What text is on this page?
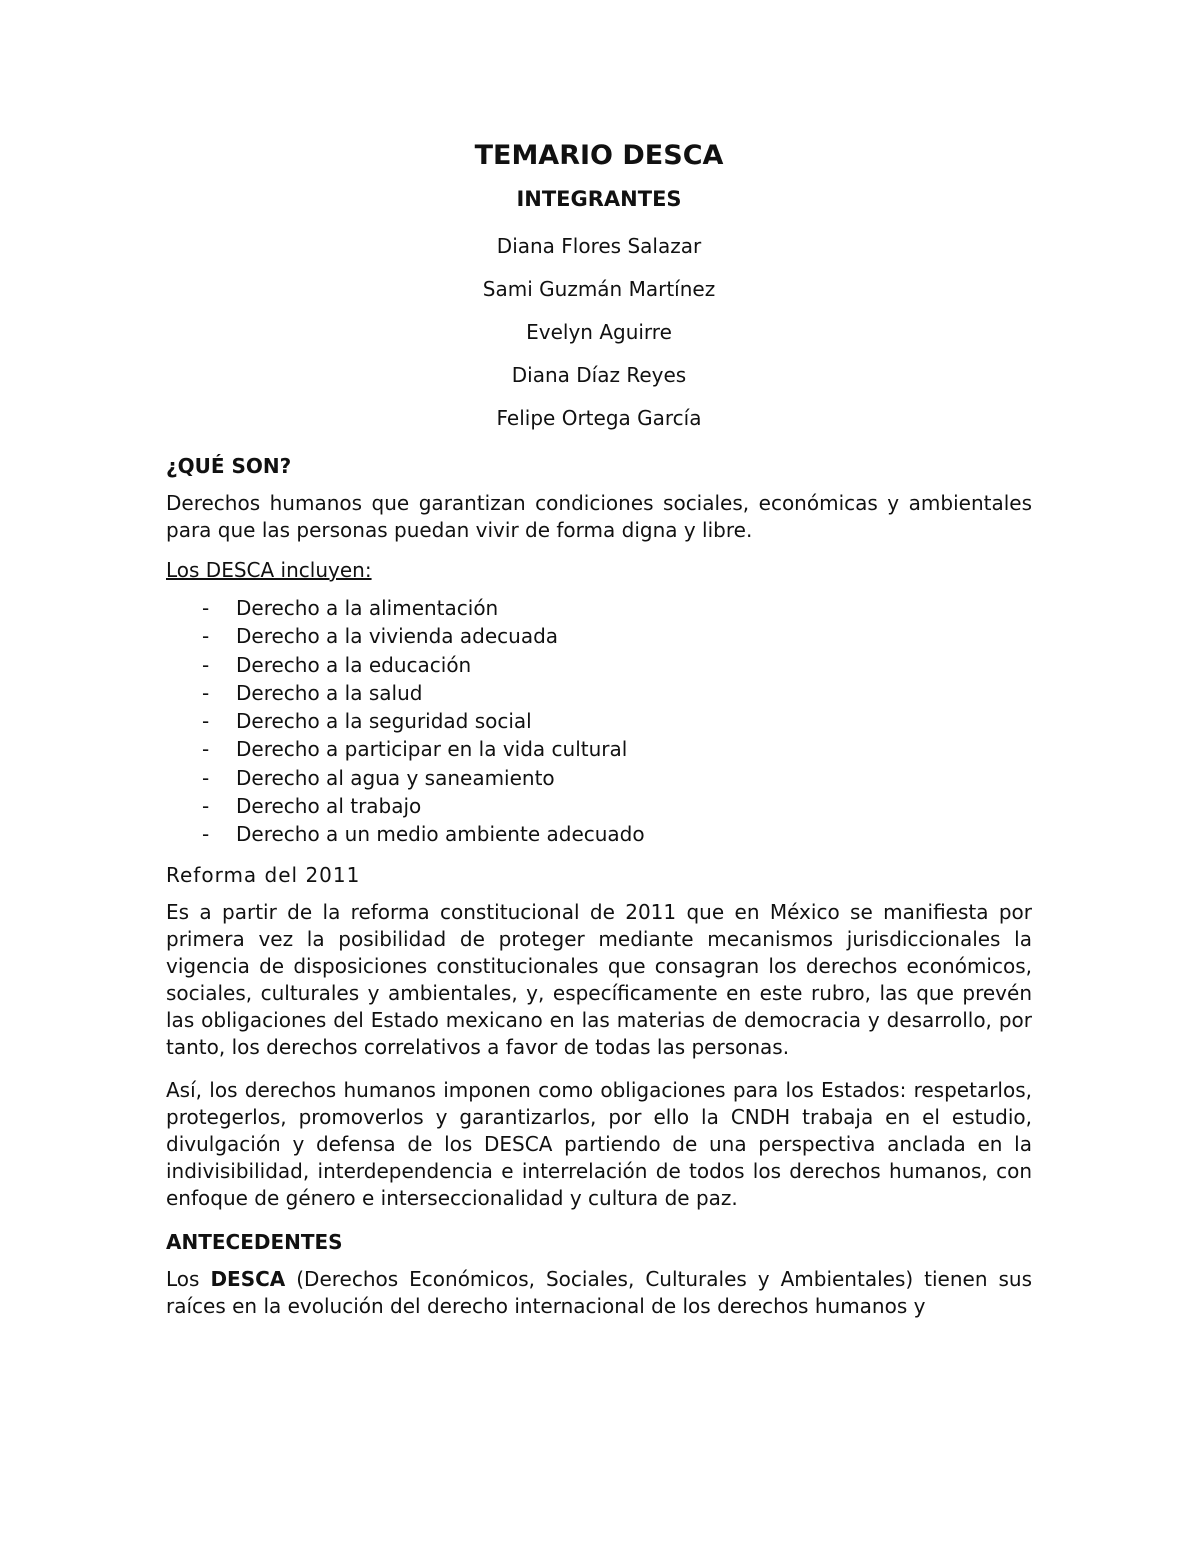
TEMARIO DESCA
INTEGRANTES

Diana Flores Salazar

Sami Guzmán Martínez

Evelyn Aguirre

Diana Díaz Reyes

Felipe Ortega García

¿QUÉ SON?

Derechos humanos que garantizan condiciones sociales, económicas y ambientales para que las personas puedan vivir de forma digna y libre.

Los DESCA incluyen:
- Derecho a la alimentación
- Derecho a la vivienda adecuada
- Derecho a la educación
- Derecho a la salud
- Derecho a la seguridad social
- Derecho a participar en la vida cultural
- Derecho al agua y saneamiento
- Derecho al trabajo
- Derecho a un medio ambiente adecuado
Reforma del 2011

Es a partir de la reforma constitucional de 2011 que en México se manifiesta por primera vez la posibilidad de proteger mediante mecanismos jurisdiccionales la vigencia de disposiciones constitucionales que consagran los derechos económicos, sociales, culturales y ambientales, y, específicamente en este rubro, las que prevén las obligaciones del Estado mexicano en las materias de democracia y desarrollo, por tanto, los derechos correlativos a favor de todas las personas.

Así, los derechos humanos imponen como obligaciones para los Estados: respetarlos, protegerlos, promoverlos y garantizarlos, por ello la CNDH trabaja en el estudio, divulgación y defensa de los DESCA partiendo de una perspectiva anclada en la indivisibilidad, interdependencia e interrelación de todos los derechos humanos, con enfoque de género e interseccionalidad y cultura de paz.

ANTECEDENTES

Los DESCA (Derechos Económicos, Sociales, Culturales y Ambientales) tienen sus raíces en la evolución del derecho internacional de los derechos humanos y
